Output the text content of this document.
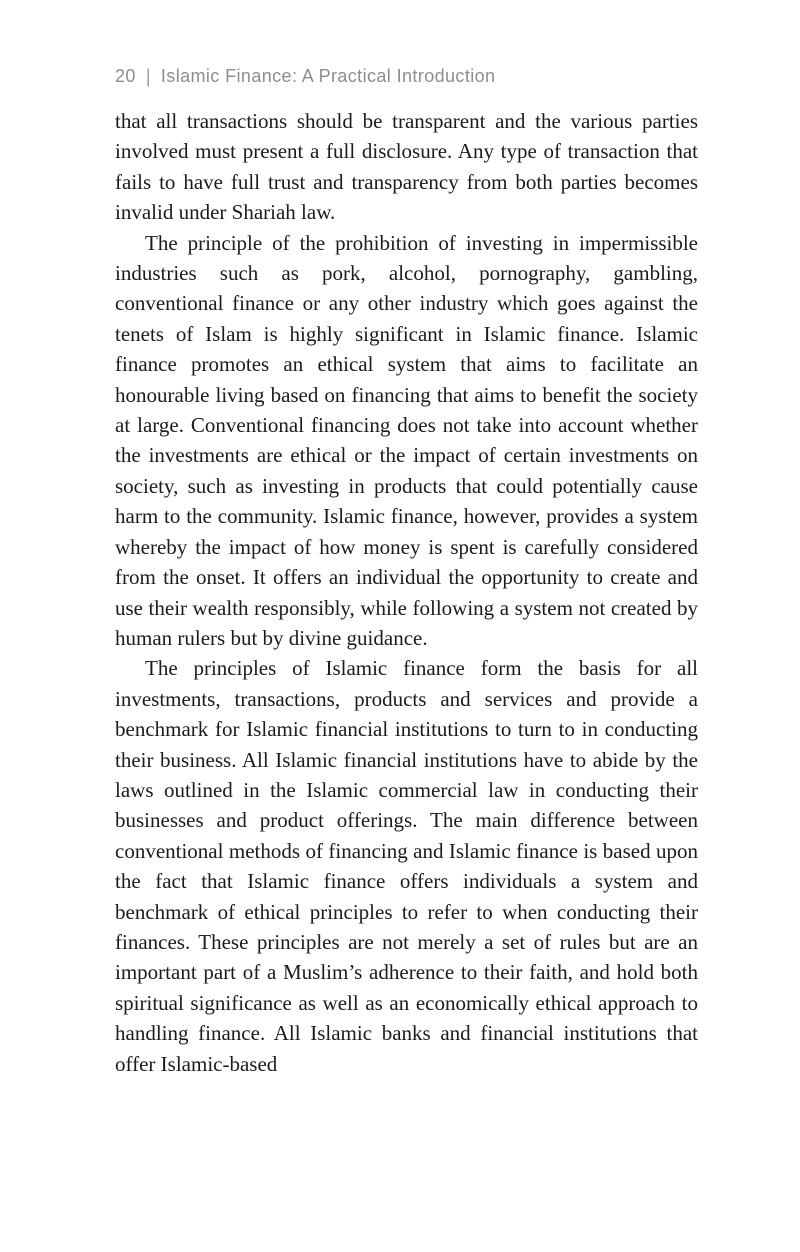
20 | Islamic Finance: A Practical Introduction

that all transactions should be transparent and the various parties involved must present a full disclosure. Any type of transaction that fails to have full trust and transparency from both parties becomes invalid under Shariah law.

The principle of the prohibition of investing in impermissible industries such as pork, alcohol, pornography, gambling, conventional finance or any other industry which goes against the tenets of Islam is highly significant in Islamic finance. Islamic finance promotes an ethical system that aims to facilitate an honourable living based on financing that aims to benefit the society at large. Conventional financing does not take into account whether the investments are ethical or the impact of certain investments on society, such as investing in products that could potentially cause harm to the community. Islamic finance, however, provides a system whereby the impact of how money is spent is carefully considered from the onset. It offers an individual the opportunity to create and use their wealth responsibly, while following a system not created by human rulers but by divine guidance.

The principles of Islamic finance form the basis for all investments, transactions, products and services and provide a benchmark for Islamic financial institutions to turn to in conducting their business. All Islamic financial institutions have to abide by the laws outlined in the Islamic commercial law in conducting their businesses and product offerings. The main difference between conventional methods of financing and Islamic finance is based upon the fact that Islamic finance offers individuals a system and benchmark of ethical principles to refer to when conducting their finances. These principles are not merely a set of rules but are an important part of a Muslim’s adherence to their faith, and hold both spiritual significance as well as an economically ethical approach to handling finance. All Islamic banks and financial institutions that offer Islamic-based
